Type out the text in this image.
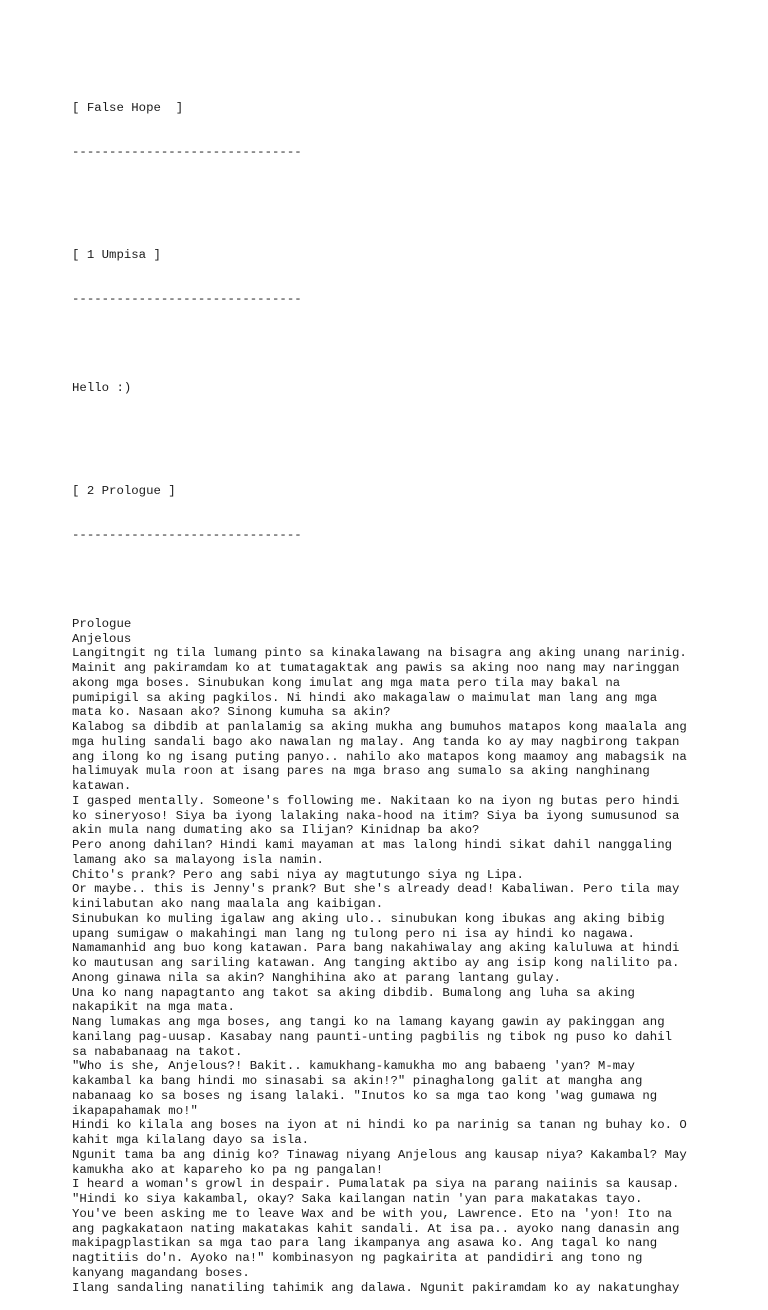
[ False Hope  ]

-------------------------------

[ 1 Umpisa ]

-------------------------------

Hello :)

[ 2 Prologue ]

-------------------------------

Prologue
Anjelous
Langitngit ng tila lumang pinto sa kinakalawang na bisagra ang aking unang narinig.
Mainit ang pakiramdam ko at tumatagaktak ang pawis sa aking noo nang may naringgan
akong mga boses. Sinubukan kong imulat ang mga mata pero tila may bakal na
pumipigil sa aking pagkilos. Ni hindi ako makagalaw o maimulat man lang ang mga
mata ko. Nasaan ako? Sinong kumuha sa akin?
Kalabog sa dibdib at panlalamig sa aking mukha ang bumuhos matapos kong maalala ang
mga huling sandali bago ako nawalan ng malay. Ang tanda ko ay may nagbirong takpan
ang ilong ko ng isang puting panyo.. nahilo ako matapos kong maamoy ang mabagsik na
halimuyak mula roon at isang pares na mga braso ang sumalo sa aking nanghinang
katawan.
I gasped mentally. Someone's following me. Nakitaan ko na iyon ng butas pero hindi
ko sineryoso! Siya ba iyong lalaking naka-hood na itim? Siya ba iyong sumusunod sa
akin mula nang dumating ako sa Ilijan? Kinidnap ba ako?
Pero anong dahilan? Hindi kami mayaman at mas lalong hindi sikat dahil nanggaling
lamang ako sa malayong isla namin.
Chito's prank? Pero ang sabi niya ay magtutungo siya ng Lipa.
Or maybe.. this is Jenny's prank? But she's already dead! Kabaliwan. Pero tila may
kinilabutan ako nang maalala ang kaibigan.
Sinubukan ko muling igalaw ang aking ulo.. sinubukan kong ibukas ang aking bibig
upang sumigaw o makahingi man lang ng tulong pero ni isa ay hindi ko nagawa.
Namamanhid ang buo kong katawan. Para bang nakahiwalay ang aking kaluluwa at hindi
ko mautusan ang sariling katawan. Ang tanging aktibo ay ang isip kong nalilito pa.
Anong ginawa nila sa akin? Nanghihina ako at parang lantang gulay.
Una ko nang napagtanto ang takot sa aking dibdib. Bumalong ang luha sa aking
nakapikit na mga mata.
Nang lumakas ang mga boses, ang tangi ko na lamang kayang gawin ay pakinggan ang
kanilang pag-uusap. Kasabay nang paunti-unting pagbilis ng tibok ng puso ko dahil
sa nababanaag na takot.
"Who is she, Anjelous?! Bakit.. kamukhang-kamukha mo ang babaeng 'yan? M-may
kakambal ka bang hindi mo sinasabi sa akin!?" pinaghalong galit at mangha ang
nabanaag ko sa boses ng isang lalaki. "Inutos ko sa mga tao kong 'wag gumawa ng
ikapapahamak mo!"
Hindi ko kilala ang boses na iyon at ni hindi ko pa narinig sa tanan ng buhay ko. O
kahit mga kilalang dayo sa isla.
Ngunit tama ba ang dinig ko? Tinawag niyang Anjelous ang kausap niya? Kakambal? May
kamukha ako at kapareho ko pa ng pangalan!
I heard a woman's growl in despair. Pumalatak pa siya na parang naiinis sa kausap.
"Hindi ko siya kakambal, okay? Saka kailangan natin 'yan para makatakas tayo.
You've been asking me to leave Wax and be with you, Lawrence. Eto na 'yon! Ito na
ang pagkakataon nating makatakas kahit sandali. At isa pa.. ayoko nang danasin ang
makipagplastikan sa mga tao para lang ikampanya ang asawa ko. Ang tagal ko nang
nagtitiis do'n. Ayoko na!" kombinasyon ng pagkairita at pandidiri ang tono ng
kanyang magandang boses.
Ilang sandaling nanatiling tahimik ang dalawa. Ngunit pakiramdam ko ay nakatunghay
